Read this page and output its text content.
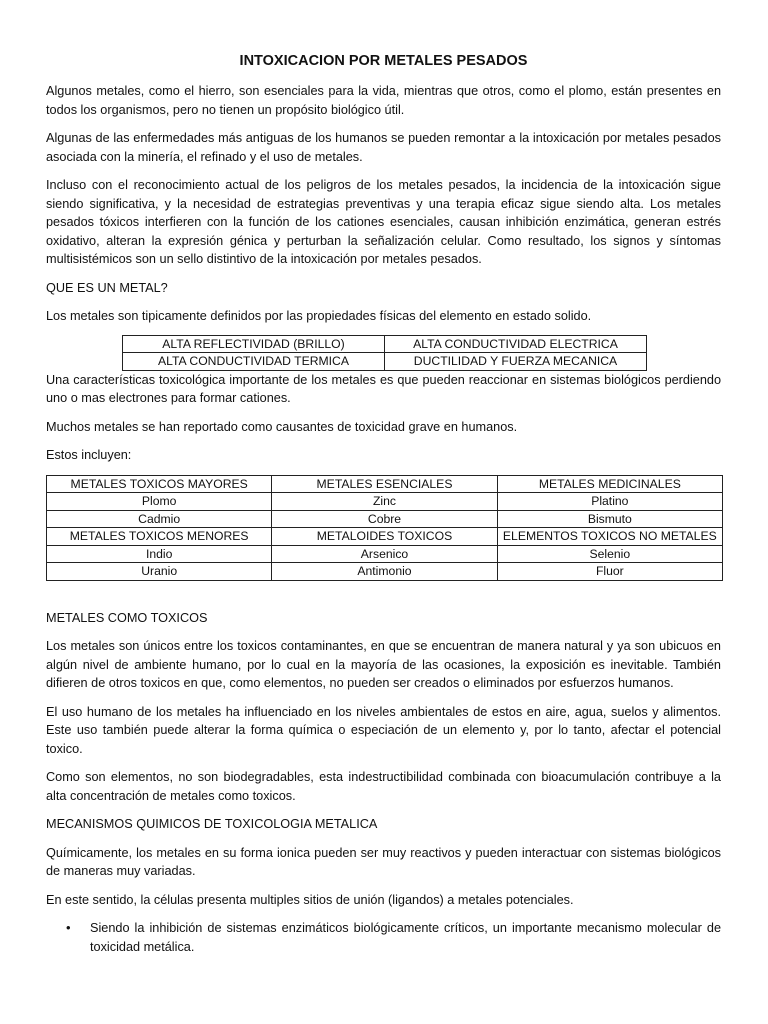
INTOXICACION POR METALES PESADOS

Algunos metales, como el hierro, son esenciales para la vida, mientras que otros, como el plomo, están presentes en todos los organismos, pero no tienen un propósito biológico útil.

Algunas de las enfermedades más antiguas de los humanos se pueden remontar a la intoxicación por metales pesados asociada con la minería, el refinado y el uso de metales.

Incluso con el reconocimiento actual de los peligros de los metales pesados, la incidencia de la intoxicación sigue siendo significativa, y la necesidad de estrategias preventivas y una terapia eficaz sigue siendo alta. Los metales pesados tóxicos interfieren con la función de los cationes esenciales, causan inhibición enzimática, generan estrés oxidativo, alteran la expresión génica y perturban la señalización celular. Como resultado, los signos y síntomas multisistémicos son un sello distintivo de la intoxicación por metales pesados.

QUE ES UN METAL?

Los metales son tipicamente definidos por las propiedades físicas del elemento en estado solido.

ALTA REFLECTIVIDAD (BRILLO)	ALTA CONDUCTIVIDAD ELECTRICA
ALTA CONDUCTIVIDAD TERMICA	DUCTILIDAD Y FUERZA MECANICA

Una características toxicológica importante de los metales es que pueden reaccionar en sistemas biológicos perdiendo uno o mas electrones para formar cationes.

Muchos metales se han reportado como causantes de toxicidad grave en humanos.

Estos incluyen:

METALES TOXICOS MAYORES	METALES ESENCIALES	METALES MEDICINALES
Plomo	Zinc	Platino
Cadmio	Cobre	Bismuto
METALES TOXICOS MENORES	METALOIDES TOXICOS	ELEMENTOS TOXICOS NO METALES
Indio	Arsenico	Selenio
Uranio	Antimonio	Fluor

METALES COMO TOXICOS

Los metales son únicos entre los toxicos contaminantes, en que se encuentran de manera natural y ya son ubicuos en algún nivel de ambiente humano, por lo cual en la mayoría de las ocasiones, la exposición es inevitable. También difieren de otros toxicos en que, como elementos, no pueden ser creados o eliminados por esfuerzos humanos.

El uso humano de los metales ha influenciado en los niveles ambientales de estos en aire, agua, suelos y alimentos. Este uso también puede alterar la forma química o especiación de un elemento y, por lo tanto, afectar el potencial toxico.

Como son elementos, no son biodegradables, esta indestructibilidad combinada con bioacumulación contribuye a la alta concentración de metales como toxicos.

MECANISMOS QUIMICOS DE TOXICOLOGIA METALICA

Químicamente, los metales en su forma ionica pueden ser muy reactivos y pueden interactuar con sistemas biológicos de maneras muy variadas.

En este sentido, la células presenta multiples sitios de unión (ligandos) a metales potenciales.

• Siendo la inhibición de sistemas enzimáticos biológicamente críticos, un importante mecanismo molecular de toxicidad metálica.
